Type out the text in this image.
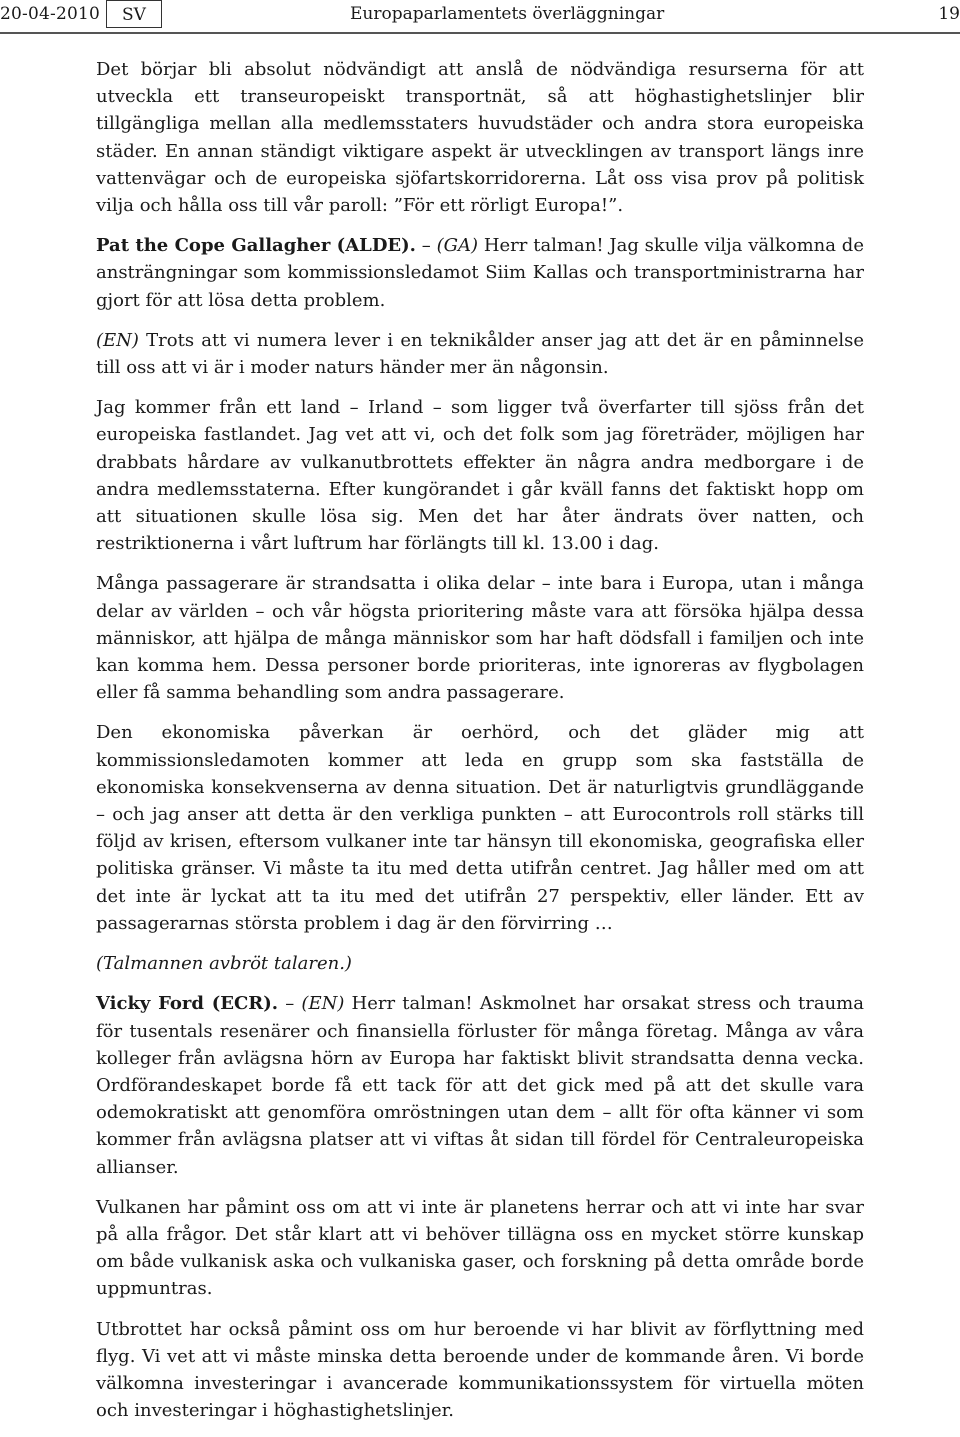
20-04-2010	SV	Europaparlamentets överläggningar	19

Det börjar bli absolut nödvändigt att anslå de nödvändiga resurserna för att utveckla ett transeuropeiskt transportnät, så att höghastighetslinjer blir tillgängliga mellan alla medlemsstaters huvudstäder och andra stora europeiska städer. En annan ständigt viktigare aspekt är utvecklingen av transport längs inre vattenvägar och de europeiska sjöfartskorridorerna. Låt oss visa prov på politisk vilja och hålla oss till vår paroll: ”För ett rörligt Europa!”.

Pat the Cope Gallagher (ALDE). – (GA) Herr talman! Jag skulle vilja välkomna de ansträngningar som kommissionsledamot Siim Kallas och transportministrarna har gjort för att lösa detta problem.

(EN) Trots att vi numera lever i en teknikålder anser jag att det är en påminnelse till oss att vi är i moder naturs händer mer än någonsin.

Jag kommer från ett land – Irland – som ligger två överfarter till sjöss från det europeiska fastlandet. Jag vet att vi, och det folk som jag företräder, möjligen har drabbats hårdare av vulkanutbrottets effekter än några andra medborgare i de andra medlemsstaterna. Efter kungörandet i går kväll fanns det faktiskt hopp om att situationen skulle lösa sig. Men det har åter ändrats över natten, och restriktionerna i vårt luftrum har förlängts till kl. 13.00 i dag.

Många passagerare är strandsatta i olika delar – inte bara i Europa, utan i många delar av världen – och vår högsta prioritering måste vara att försöka hjälpa dessa människor, att hjälpa de många människor som har haft dödsfall i familjen och inte kan komma hem. Dessa personer borde prioriteras, inte ignoreras av flygbolagen eller få samma behandling som andra passagerare.

Den ekonomiska påverkan är oerhörd, och det gläder mig att kommissionsledamoten kommer att leda en grupp som ska fastställa de ekonomiska konsekvenserna av denna situation. Det är naturligtvis grundläggande – och jag anser att detta är den verkliga punkten – att Eurocontrols roll stärks till följd av krisen, eftersom vulkaner inte tar hänsyn till ekonomiska, geografiska eller politiska gränser. Vi måste ta itu med detta utifrån centret. Jag håller med om att det inte är lyckat att ta itu med det utifrån 27 perspektiv, eller länder. Ett av passagerarnas största problem i dag är den förvirring …

(Talmannen avbröt talaren.)

Vicky Ford (ECR). – (EN) Herr talman! Askmolnet har orsakat stress och trauma för tusentals resenärer och finansiella förluster för många företag. Många av våra kolleger från avlägsna hörn av Europa har faktiskt blivit strandsatta denna vecka. Ordförandeskapet borde få ett tack för att det gick med på att det skulle vara odemokratiskt att genomföra omröstningen utan dem – allt för ofta känner vi som kommer från avlägsna platser att vi viftas åt sidan till fördel för Centraleuropeiska allianser.

Vulkanen har påmint oss om att vi inte är planetens herrar och att vi inte har svar på alla frågor. Det står klart att vi behöver tillägna oss en mycket större kunskap om både vulkanisk aska och vulkaniska gaser, och forskning på detta område borde uppmuntras.

Utbrottet har också påmint oss om hur beroende vi har blivit av förflyttning med flyg. Vi vet att vi måste minska detta beroende under de kommande åren. Vi borde välkomna investeringar i avancerade kommunikationssystem för virtuella möten och investeringar i höghastighetslinjer.
